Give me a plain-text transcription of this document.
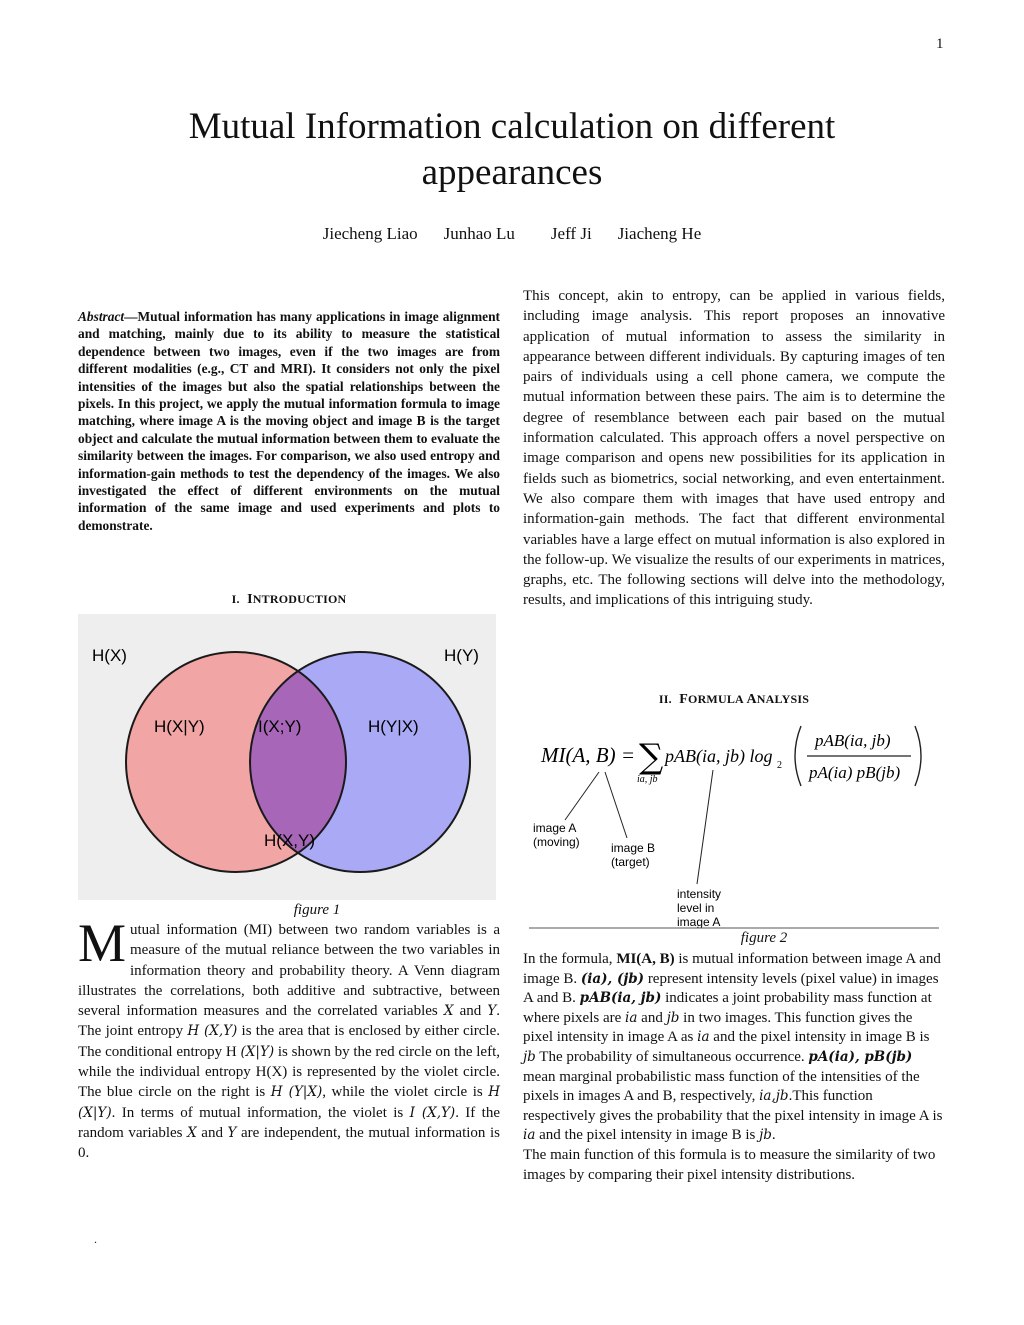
1
Mutual Information calculation on different appearances
Jiecheng Liao Junhao Lu Jeff Ji Jiacheng He

Abstract—Mutual information has many applications in image alignment and matching, mainly due to its ability to measure the statistical dependence between two images, even if the two images are from different modalities (e.g., CT and MRI). It considers not only the pixel intensities of the images but also the spatial relationships between the pixels. In this project, we apply the mutual information formula to image matching, where image A is the moving object and image B is the target object and calculate the mutual information between them to evaluate the similarity between the images. For comparison, we also used entropy and information-gain methods to test the dependency of the images. We also investigated the effect of different environments on the mutual information of the same image and used experiments and plots to demonstrate.

I. INTRODUCTION
H(X)	H(Y)
H(X|Y)	I(X;Y)	H(Y|X)
H(X,Y)
figure 1

Mutual information (MI) between two random variables is a measure of the mutual reliance between the two variables in information theory and probability theory. A Venn diagram illustrates the correlations, both additive and subtractive, between several information measures and the correlated variables X and Y. The joint entropy H (X,Y) is the area that is enclosed by either circle. The conditional entropy H (X|Y) is shown by the red circle on the left, while the individual entropy H(X) is represented by the violet circle. The blue circle on the right is H (Y|X), while the violet circle is H (X|Y). In terms of mutual information, the violet is I (X,Y). If the random variables X and Y are independent, the mutual information is 0.

This concept, akin to entropy, can be applied in various fields, including image analysis. This report proposes an innovative application of mutual information to assess the similarity in appearance between different individuals. By capturing images of ten pairs of individuals using a cell phone camera, we compute the mutual information between these pairs. The aim is to determine the degree of resemblance between each pair based on the mutual information calculated. This approach offers a novel perspective on image comparison and opens new possibilities for its application in fields such as biometrics, social networking, and even entertainment. We also compare them with images that have used entropy and information-gain methods. The fact that different environmental variables have a large effect on mutual information is also explored in the follow-up. We visualize the results of our experiments in matrices, graphs, etc. The following sections will delve into the methodology, results, and implications of this intriguing study.

II. FORMULA ANALYSIS
MI(A, B) = ∑
ia, jb
pAB(ia, jb) log 2
pAB(ia, jb)
pA(ia) pB(jb)
image A
(moving)	image B
(target)
intensity
level in
image A
figure 2

In the formula, MI(A, B) is mutual information between image A and image B. (ia), (jb) represent intensity levels (pixel value) in images A and B. pAB(ia, jb) indicates a joint probability mass function at where pixels are ia and jb in two images. This function gives the pixel intensity in image A as ia and the pixel intensity in image B is jb The probability of simultaneous occurrence. pA(ia), pB(jb) mean marginal probabilistic mass function of the intensities of the pixels in images A and B, respectively, ia,jb.This function respectively gives the probability that the pixel intensity in image A is ia and the pixel intensity in image B is jb.
The main function of this formula is to measure the similarity of two images by comparing their pixel intensity distributions.

.
